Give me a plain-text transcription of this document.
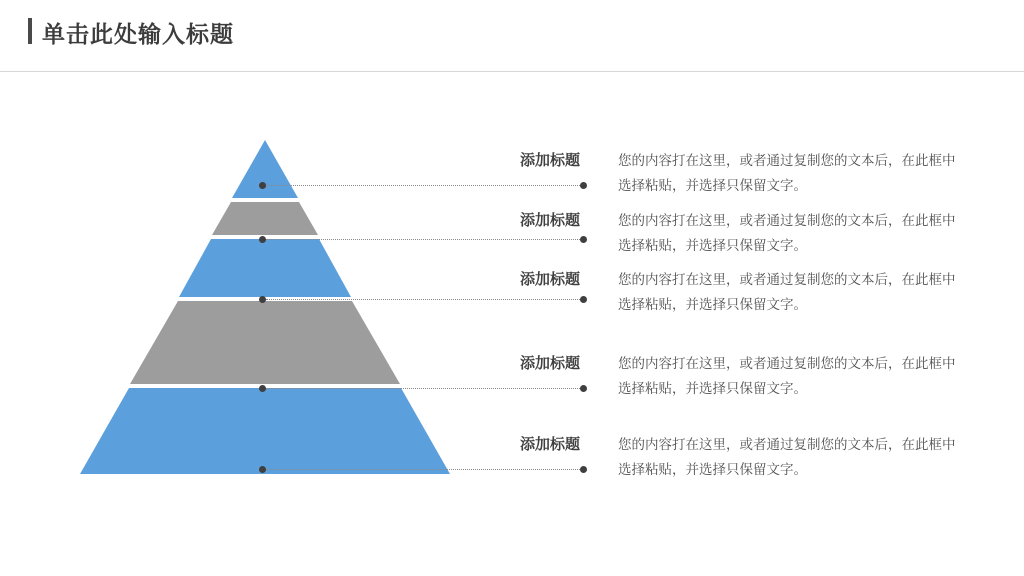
单击此处输入标题
添加标题
添加标题
添加标题
添加标题
添加标题
您的内容打在这里，或者通过复制您的文本后，在此框中选择粘贴，并选择只保留文字。
您的内容打在这里，或者通过复制您的文本后，在此框中选择粘贴，并选择只保留文字。
您的内容打在这里，或者通过复制您的文本后，在此框中选择粘贴，并选择只保留文字。
您的内容打在这里，或者通过复制您的文本后，在此框中选择粘贴，并选择只保留文字。
您的内容打在这里，或者通过复制您的文本后，在此框中选择粘贴，并选择只保留文字。
